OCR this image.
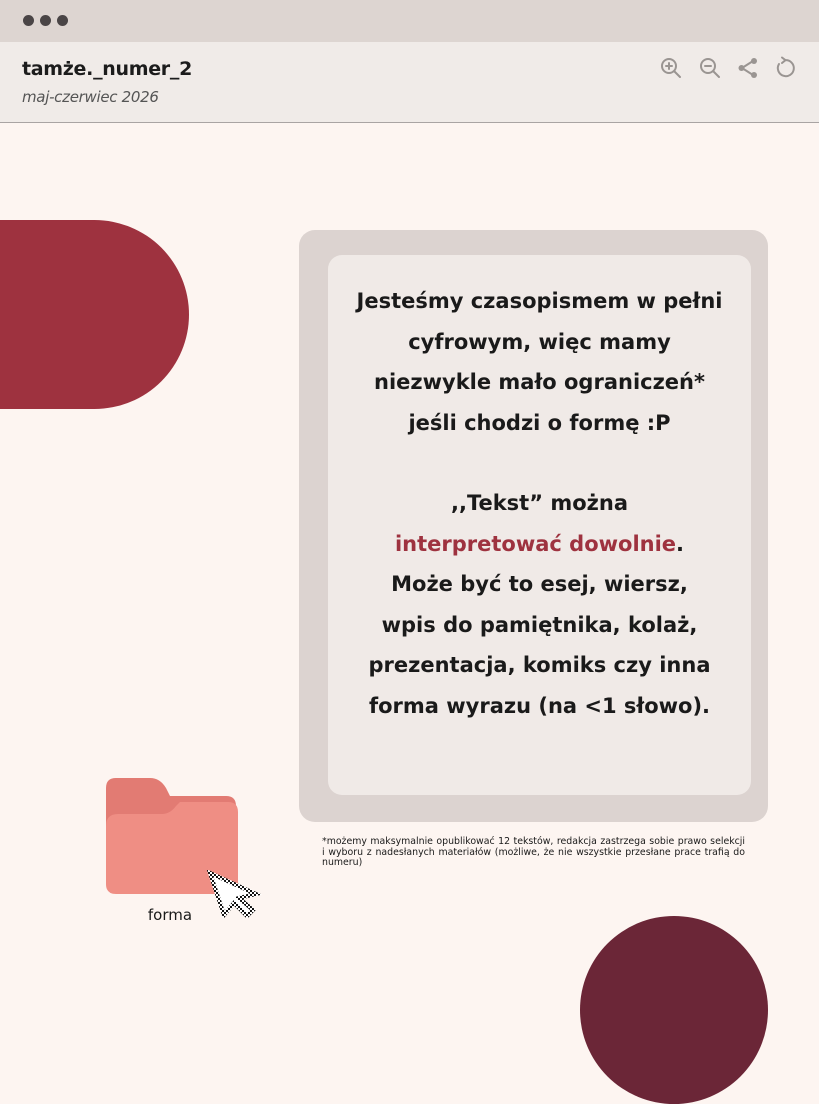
tamże._numer_2
maj-czerwiec 2026

Jesteśmy czasopismem w pełni cyfrowym, więc mamy niezwykle mało ograniczeń* jeśli chodzi o formę :P

,,Tekst” można interpretować dowolnie. Może być to esej, wiersz, wpis do pamiętnika, kolaż, prezentacja, komiks czy inna forma wyrazu (na <1 słowo).

*możemy maksymalnie opublikować 12 tekstów, redakcja zastrzega sobie prawo selekcji i wyboru z nadesłanych materiałów (możliwe, że nie wszystkie przesłane prace trafią do numeru)
forma
